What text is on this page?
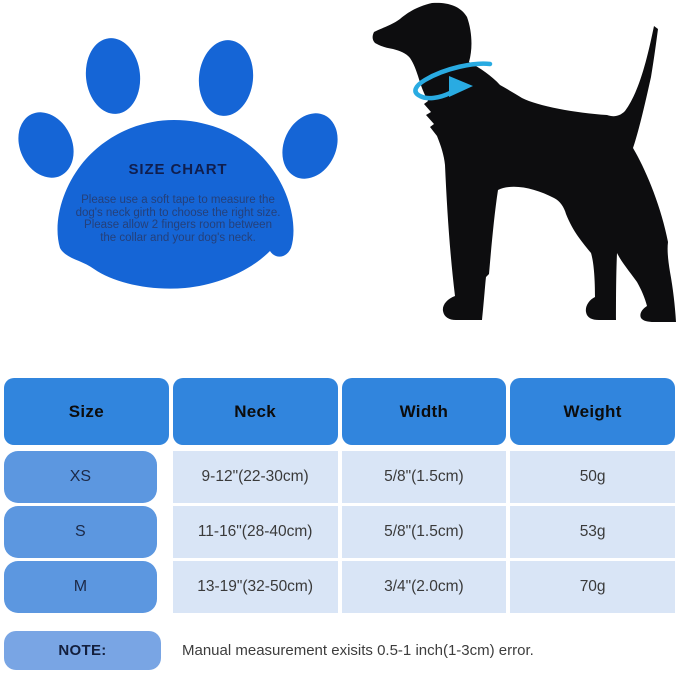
SIZE CHART
Please use a soft tape to measure the
dog's neck girth to choose the right size.
Please allow 2 fingers room between
the collar and your dog's neck.
Size	Neck	Width	Weight
XS	9-12"(22-30cm)	5/8"(1.5cm)	50g
S	11-16"(28-40cm)	5/8"(1.5cm)	53g
M	13-19"(32-50cm)	3/4"(2.0cm)	70g
NOTE:	Manual measurement exisits 0.5-1 inch(1-3cm) error.
